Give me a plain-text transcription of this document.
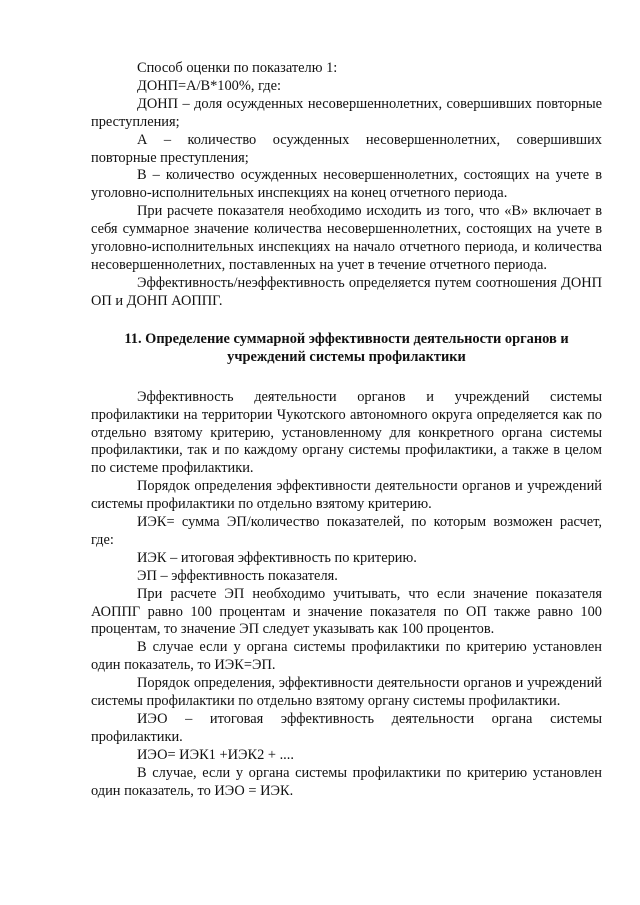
Способ оценки по показателю 1:

ДОНП=А/В*100%, где:

ДОНП – доля осужденных несовершеннолетних, совершивших повторные преступления;

А – количество осужденных несовершеннолетних, совершивших повторные преступления;

В – количество осужденных несовершеннолетних, состоящих на учете в уголовно-исполнительных инспекциях на конец отчетного периода.

При расчете показателя необходимо исходить из того, что «В» включает в себя суммарное значение количества несовершеннолетних, состоящих на учете в уголовно-исполнительных инспекциях на начало отчетного периода, и количества несовершеннолетних, поставленных на учет в течение отчетного периода.

Эффективность/неэффективность определяется путем соотношения ДОНП ОП и ДОНП АОППГ.

11. Определение суммарной эффективности деятельности органов и
учреждений системы профилактики

Эффективность деятельности органов и учреждений системы профилактики на территории Чукотского автономного округа определяется как по отдельно взятому критерию, установленному для конкретного органа системы профилактики, так и по каждому органу системы профилактики, а также в целом по системе профилактики.

Порядок определения эффективности деятельности органов и учреждений системы профилактики по отдельно взятому критерию.

ИЭК= сумма ЭП/количество показателей, по которым возможен расчет, где:

ИЭК – итоговая эффективность по критерию.

ЭП – эффективность показателя.

При расчете ЭП необходимо учитывать, что если значение показателя АОППГ равно 100 процентам и значение показателя по ОП также равно 100 процентам, то значение ЭП следует указывать как 100 процентов.

В случае если у органа системы профилактики по критерию установлен один показатель, то ИЭК=ЭП.

Порядок определения, эффективности деятельности органов и учреждений системы профилактики по отдельно взятому органу системы профилактики.

ИЭО – итоговая эффективность деятельности органа системы профилактики.

ИЭО= ИЭК1 +ИЭК2 + ....

В случае, если у органа системы профилактики по критерию установлен один показатель, то ИЭО = ИЭК.
